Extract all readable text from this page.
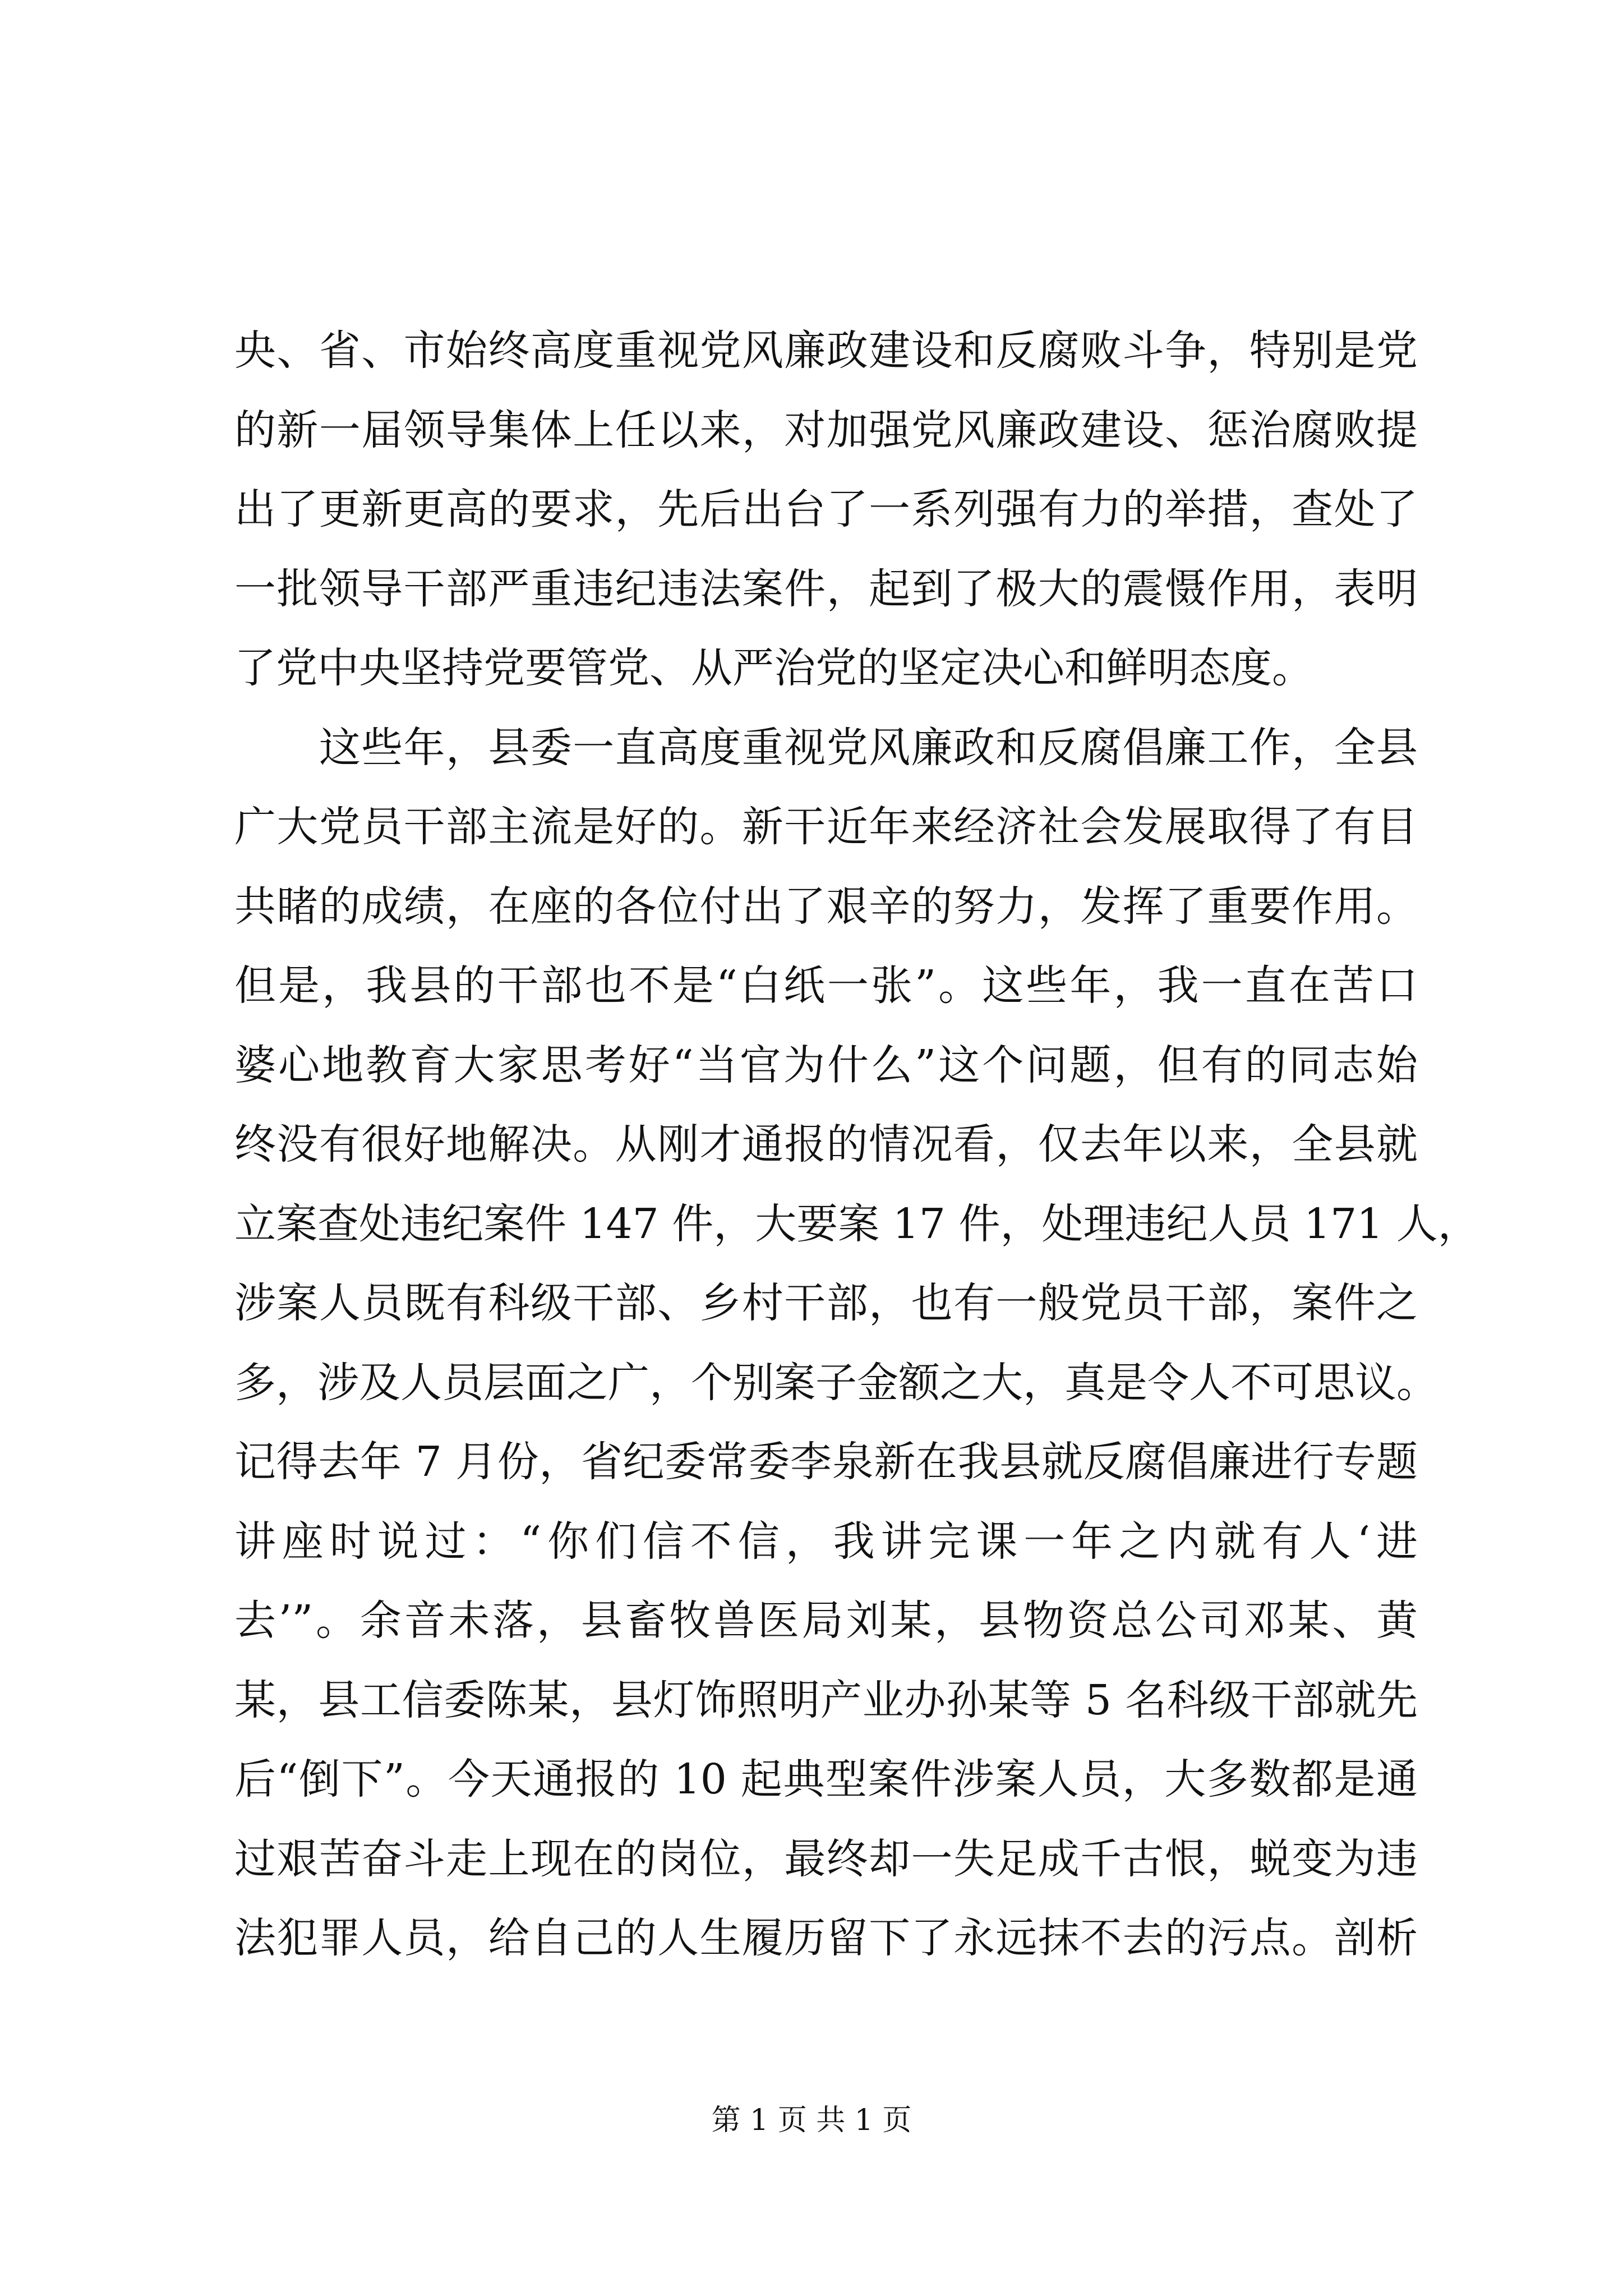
央、省、市始终高度重视党风廉政建设和反腐败斗争，特别是党
的新一届领导集体上任以来，对加强党风廉政建设、惩治腐败提
出了更新更高的要求，先后出台了一系列强有力的举措，查处了
一批领导干部严重违纪违法案件，起到了极大的震慑作用，表明
了党中央坚持党要管党、从严治党的坚定决心和鲜明态度。
　　这些年，县委一直高度重视党风廉政和反腐倡廉工作，全县
广大党员干部主流是好的。新干近年来经济社会发展取得了有目
共睹的成绩，在座的各位付出了艰辛的努力，发挥了重要作用。
但是，我县的干部也不是“白纸一张”。这些年，我一直在苦口
婆心地教育大家思考好“当官为什么”这个问题，但有的同志始
终没有很好地解决。从刚才通报的情况看，仅去年以来，全县就
立案查处违纪案件 147 件，大要案 17 件，处理违纪人员 171 人，
涉案人员既有科级干部、乡村干部，也有一般党员干部，案件之
多，涉及人员层面之广，个别案子金额之大，真是令人不可思议。
记得去年 7 月份，省纪委常委李泉新在我县就反腐倡廉进行专题
讲座时说过：“你们信不信，我讲完课一年之内就有人‘进
去’”。余音未落，县畜牧兽医局刘某，县物资总公司邓某、黄
某，县工信委陈某，县灯饰照明产业办孙某等 5 名科级干部就先
后“倒下”。今天通报的 10 起典型案件涉案人员，大多数都是通
过艰苦奋斗走上现在的岗位，最终却一失足成千古恨，蜕变为违
法犯罪人员，给自己的人生履历留下了永远抹不去的污点。剖析
第 1 页 共 1 页
